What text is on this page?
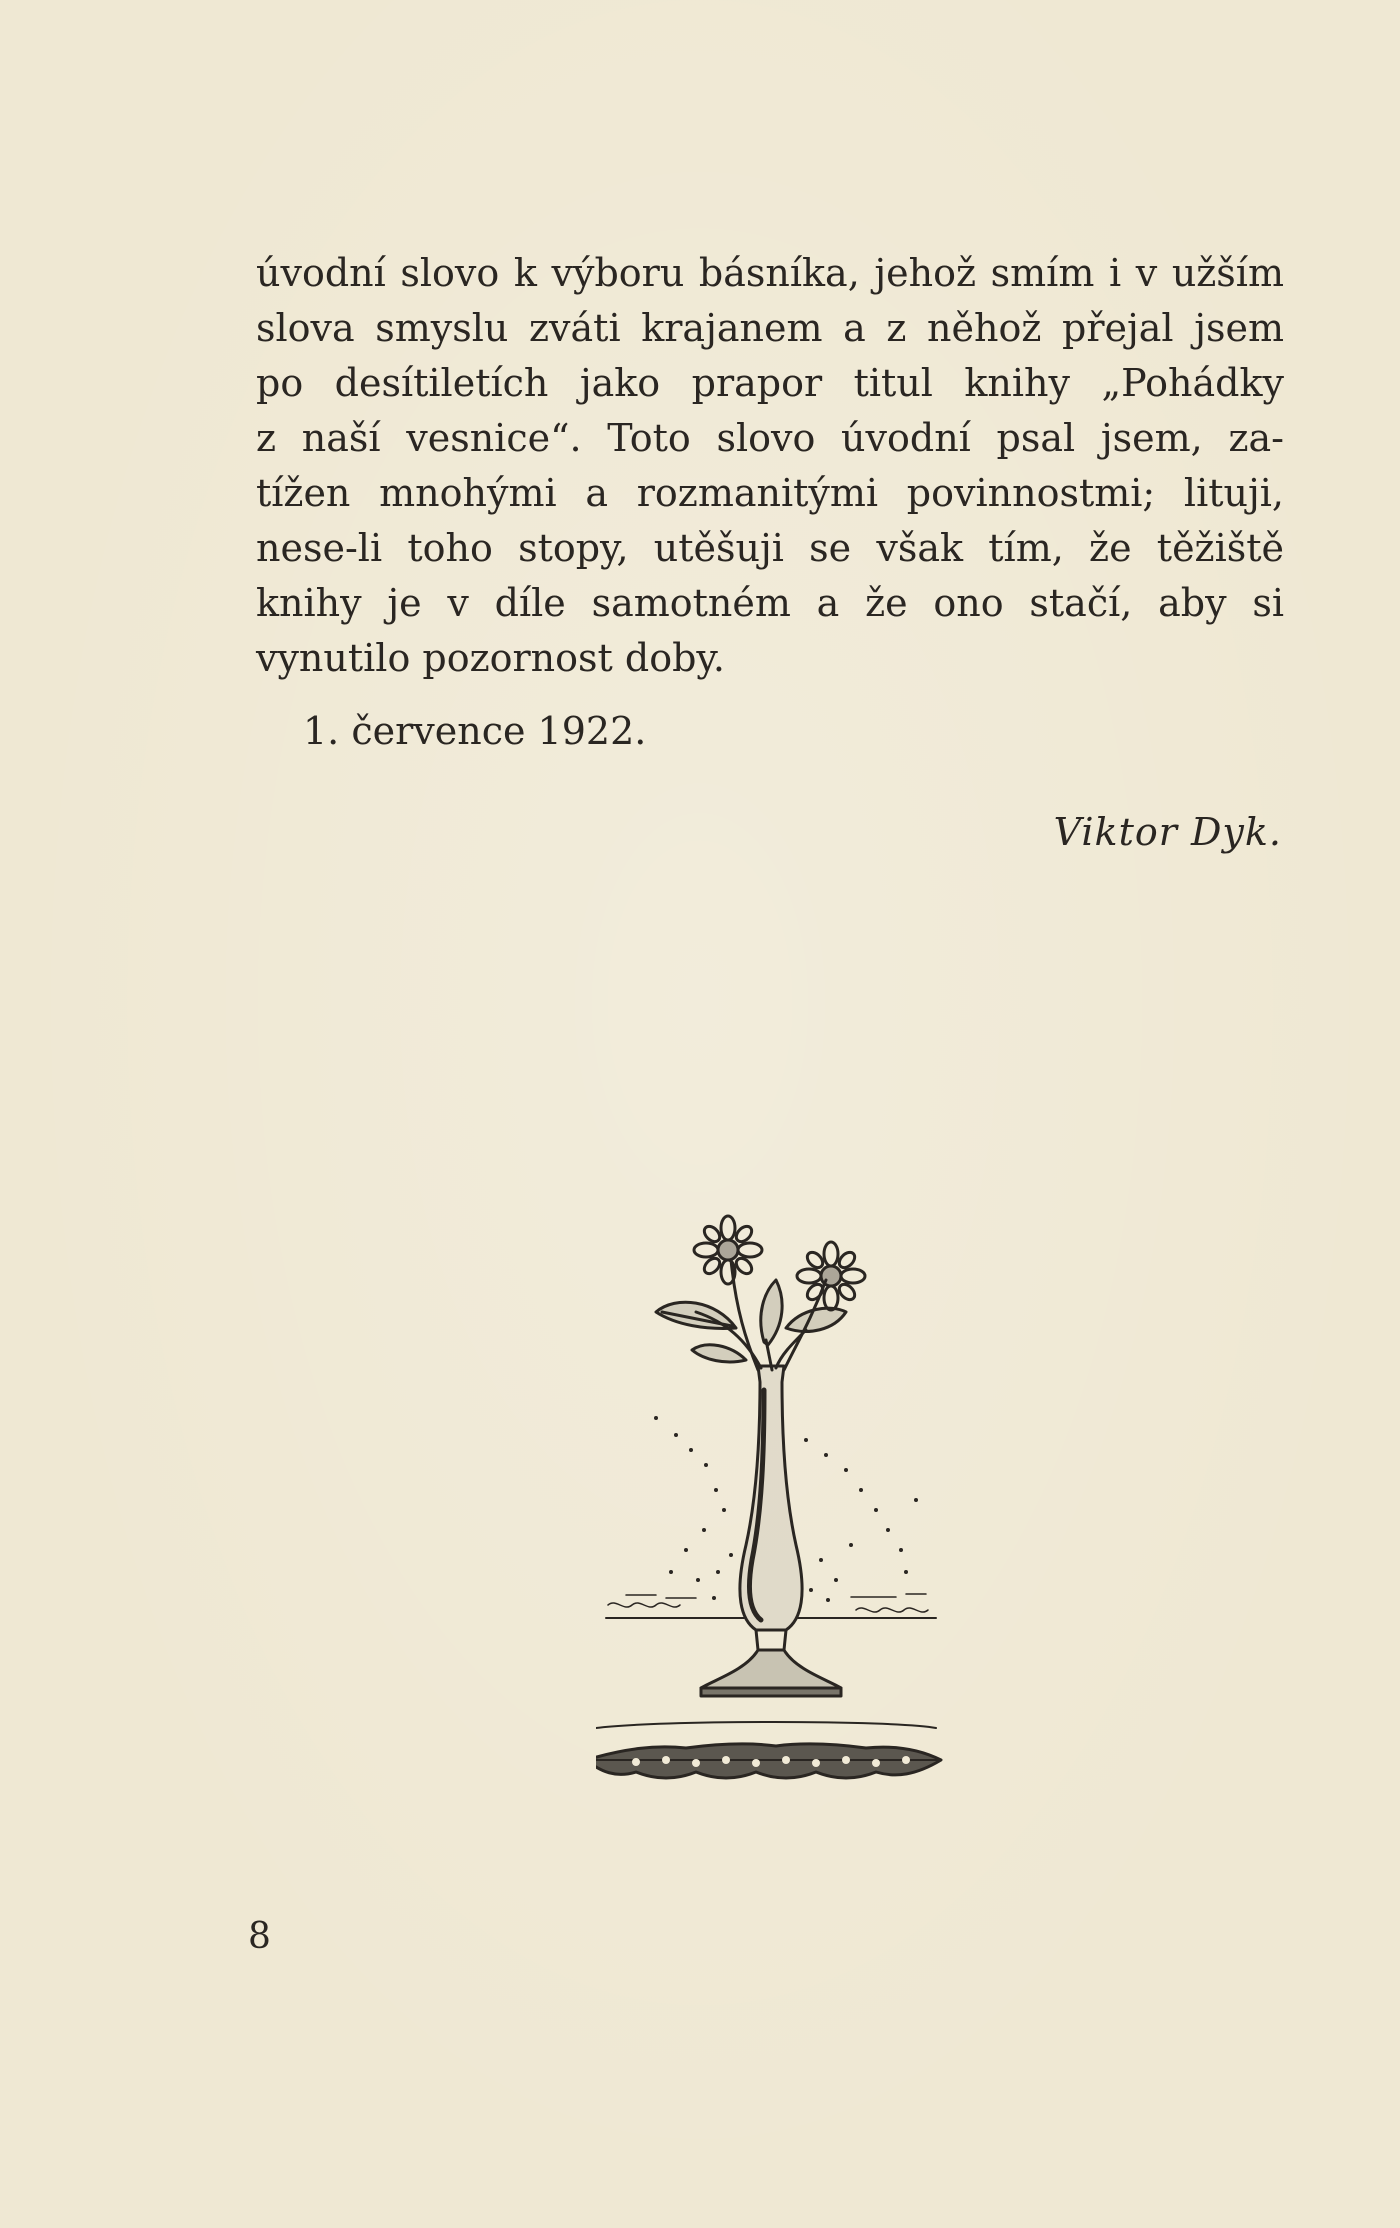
úvodní slovo k výboru básníka, jehož smím i v užším
slova smyslu zváti krajanem a z něhož přejal jsem
po desítiletích jako prapor titul knihy „Pohádky
z naší vesnice“. Toto slovo úvodní psal jsem, za-
tížen mnohými a rozmanitými povinnostmi; lituji,
nese-li toho stopy, utěšuji se však tím, že těžiště
knihy je v díle samotném a že ono stačí, aby si
vynutilo pozornost doby.
1. července 1922.
Viktor Dyk.
8
